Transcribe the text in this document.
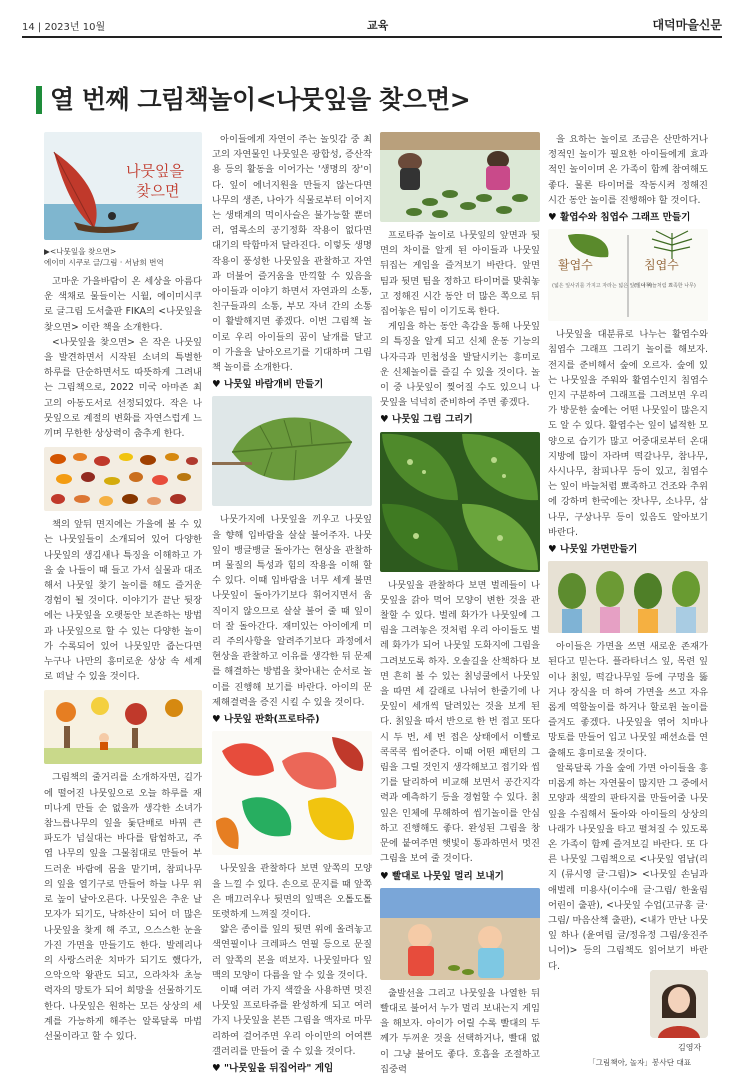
14 | 2023년 10월	교육	대덕마을신문
열 번째 그림책놀이<나뭇잎을 찾으면>
나뭇잎을
찾으면

▶<나뭇잎을 찾으면>

에이미 시쿠로 글/그림 · 서남희 번역

고마운 가을바람이 온 세상을 아름다운 색채로 물들이는 시월, 에이미시쿠로 글그림 도서출판 FIKA의 <나뭇잎을 찾으면> 이란 책을 소개한다.

<나뭇잎을 찾으면> 은 작은 나뭇잎을 발견하면서 시작된 소녀의 특별한 하루를 단순하면서도 따뜻하게 그려내는 그림책으로, 2022 미국 아마존 최고의 아동도서로 선정되었다. 작은 나뭇잎으로 계절의 변화를 자연스럽게 느끼며 무한한 상상력이 춤추게 한다.

책의 앞뒤 면지에는 가을에 볼 수 있는 나뭇잎들이 소개되어 있어 다양한 나뭇잎의 생김새나 특징을 이해하고 가을 숲 나들이 때 들고 가서 실물과 대조해서 나뭇잎 찾기 놀이를 해도 즐거운 경험이 될 것이다. 이야기가 끝난 뒷장에는 나뭇잎을 오랫동안 보존하는 방법과 나뭇잎으로 할 수 있는 다양한 놀이가 수록되어 있어 나뭇잎만 줍는다면 누구나 나만의 흥미로운 상상 속 세계로 떠날 수 있을 것이다.

그림책의 줄거리를 소개하자면, 길가에 떨어진 나뭇잎으로 오늘 하루를 재미나게 만들 순 없을까 생각한 소녀가 참느릅나무의 잎을 돛단배로 바꿔 큰 파도가 넘실대는 바다를 탐험하고, 주엽 나무의 잎을 그물침대로 만들어 부드러운 바람에 몸을 맡기며, 참피나무의 잎을 열기구로 만들어 하늘 나무 위로 높이 날아오른다. 나뭇잎은 추운 날 모자가 되기도, 낙하산이 되어 더 많은 나뭇잎을 찾게 해 주고, 으스스한 눈을 가진 가면을 만들기도 한다. 발레리나의 사랑스러운 치마가 되기도 했다가, 으악으악 왕관도 되고, 으라차차 초능력자의 망토가 되어 희망을 선물하기도 한다. 나뭇잎은 원하는 모든 상상의 세계를 가능하게 해주는 알록달록 마법 선물이라고 할 수 있다.

아이들에게 자연이 주는 놀잇감 중 최고의 자연물인 나뭇잎은 광합성, 증산작용 등의 활동을 이어가는 '생명의 장'이다. 잎이 에너지원을 만들지 않는다면 나무의 생존, 나아가 식물로부터 이어지는 생태계의 먹이사슬은 불가능할 뿐더러, 염록소의 공기정화 작용이 없다면 대기의 탁함마저 달라진다. 이렇듯 생명작용이 풍성한 나뭇잎을 관찰하고 자연과 더불어 즐거움을 만끽할 수 있음을 아이들과 이야기 하면서 자연과의 소통, 친구들과의 소통, 부모 자녀 간의 소통이 활발해지면 좋겠다. 이번 그림책 놀이로 우리 아이들의 꿈이 날개를 달고 이 가을을 날아오르기를 기대하며 그림책 놀이를 소개한다.

♥ 나뭇잎 바람개비 만들기

나뭇가지에 나뭇잎을 끼우고 나뭇잎을 향해 입바람을 살살 불어주자. 나뭇잎이 뱅글뱅글 돌아가는 현상을 관찰하며 물질의 특성과 힘의 작용을 이해 할 수 있다. 이때 입바람을 너무 세게 불면 나뭇잎이 돌아가기보다 휘어지면서 움직이지 않으므로 살살 불어 줄 때 잎이 더 잘 돌아간다. 재미있는 아이에게 미리 주의사항을 알려주기보다 과정에서 현상을 관찰하고 이유를 생각한 뒤 문제를 해결하는 방법을 찾아내는 순서로 놀이를 진행해 보기를 바란다. 아이의 문제해결력을 증진 시킬 수 있을 것이다.

♥ 나뭇잎 판화(프로타쥬)

나뭇잎을 관찰하다 보면 앞쪽의 모양을 느낄 수 있다. 손으로 문지를 때 앞쪽은 매끄러우나 뒷면의 잎맥은 오톨도톨 또렷하게 느껴질 것이다.

얇은 종이를 잎의 뒷면 위에 올려놓고 색연필이나 크레파스 연필 등으로 문질러 앞쪽의 본을 떠보자. 나뭇잎마다 잎맥의 모양이 다름을 알 수 있을 것이다.

이때 여러 가지 색깔을 사용하면 멋진 나뭇잎 프로타쥬를 완성하게 되고 여러 가지 나뭇잎을 본뜬 그림을 액자로 마무리하여 걸어주면 우리 아이만의 어여쁜 갤러리를 만들어 줄 수 있을 것이다.

♥ "나뭇잎을 뒤집어라" 게임

프로타쥬 놀이로 나뭇잎의 앞면과 뒷면의 차이를 알게 된 아이들과 나뭇잎 뒤집는 게임을 즐겨보기 바란다. 앞면 팀과 뒷면 팀을 정하고 타이머를 맞춰놓고 정해진 시간 동안 더 많은 쪽으로 뒤집어놓은 팀이 이기도록 한다.

게임을 하는 동안 촉감을 통해 나뭇잎의 특징을 알게 되고 신체 운동 기능의 나자극과 민첩성을 발달시키는 흥미로운 신체놀이를 즐길 수 있을 것이다. 놀이 중 나뭇잎이 찢어질 수도 있으니 나뭇잎을 넉넉히 준비하여 주면 좋겠다.

♥ 나뭇잎 그림 그리기

나뭇잎을 관찰하다 보면 벌레들이 나뭇잎을 갉아 먹어 모양이 변한 것을 관찰할 수 있다. 벌레 화가가 나뭇잎에 그림을 그려놓은 것처럼 우리 아이들도 벌레 화가가 되어 나뭇잎 도화지에 그림을 그려보도록 하자. 오솔길을 산책하다 보면 흔히 볼 수 있는 칡넝쿨에서 나뭇잎을 따면 세 갈래로 나뉘어 한줄기에 나뭇잎이 세개씩 달려있는 것을 보게 된다. 칡잎을 따서 반으로 한 번 접고 또다시 두 번, 세 번 접은 상태에서 이빨로 콕콕콕 씹어준다. 이때 어떤 패턴의 그림을 그릴 것인지 생각해보고 접기와 씹기를 달리하여 비교해 보면서 공간지각력과 예측하기 등을 경험할 수 있다. 칡잎은 인체에 무해하여 씹기놀이를 안심하고 진행해도 좋다. 완성된 그림을 창문에 붙여주면 햇빛이 통과하면서 멋진 그림을 보여 줄 것이다.

♥ 빨대로 나뭇잎 멀리 보내기

출발선을 그리고 나뭇잎을 나열한 뒤 빨대로 불어서 누가 멀리 보내는지 게임을 해보자. 아이가 어릴 수록 빨대의 두께가 두꺼운 것을 선택하거나, 빨대 없이 그냥 불어도 좋다. 호흡을 조절하고 집중력

을 요하는 놀이로 조금은 산만하거나 정적인 놀이가 필요한 아이들에게 효과적인 놀이이며 온 가족이 함께 참여해도 좋다. 물론 타이머를 작동시켜 정해진 시간 동안 놀이를 진행해야 할 것이다.

♥ 활엽수와 침엽수 그래프 만들기

활엽수	침엽수
(넓은 잎사귀를 가지고 자라는 넓은 잎의 나무)
(잎이 바늘처럼 뾰족한 나무)

나뭇잎을 대분류로 나누는 활엽수와 침엽수 그래프 그리기 놀이를 해보자. 전지를 준비해서 숲에 오르자. 숲에 있는 나뭇잎을 주워와 활엽수인지 침엽수인지 구분하여 그래프를 그려보면 우리가 방문한 숲에는 어떤 나뭇잎이 많은지도 알 수 있다. 활엽수는 잎이 넓적한 모양으로 습기가 많고 어중대로부터 온대 지방에 많이 자라며 떡갈나무, 참나무, 사시나무, 참피나무 등이 있고, 침엽수는 잎이 바늘처럼 뾰족하고 건조와 추위에 강하며 한국에는 잣나무, 소나무, 삼나무, 구상나무 등이 있음도 알아보기 바란다.

♥ 나뭇잎 가면만들기

아이들은 가면을 쓰면 새로운 존재가 된다고 믿는다. 플라타너스 잎, 목련 잎이나 칡잎, 떡갈나무잎 등에 구멍을 뚫거나 장식을 더 하여 가면을 쓰고 자유롭게 역할놀이를 하거나 할로윈 놀이를 즐겨도 좋겠다. 나뭇잎을 엮어 치마나 망토를 만들어 입고 나뭇잎 패션쇼를 연출해도 흥미로울 것이다.

알록달록 가을 숲에 가면 아이들을 흥미롭게 하는 자연물이 많지만 그 중에서 모양과 색깔의 판타지를 만들어줄 나뭇잎을 수집해서 돌아와 아이들의 상상의 나래가 나뭇잎을 타고 펼쳐질 수 있도록 온 가족이 함께 즐겨보길 바란다. 또 다른 나뭇잎 그림책으로 <나뭇잎 엽남(리지 (류시영 글·그림)> <나뭇잎 손님과 애벌레 미용사(이수애 글·그림/ 한울림어린이 출판), <나뭇잎 수업(고규홍 글·그림/ 마음산책 출판), <내가 만난 나뭇잎 하나 (윤여림 글/정유정 그림/웅진주니어)> 등의 그림책도 읽어보기 바란다.

김영자
「그림책아, 놀자」봉사단 대표
